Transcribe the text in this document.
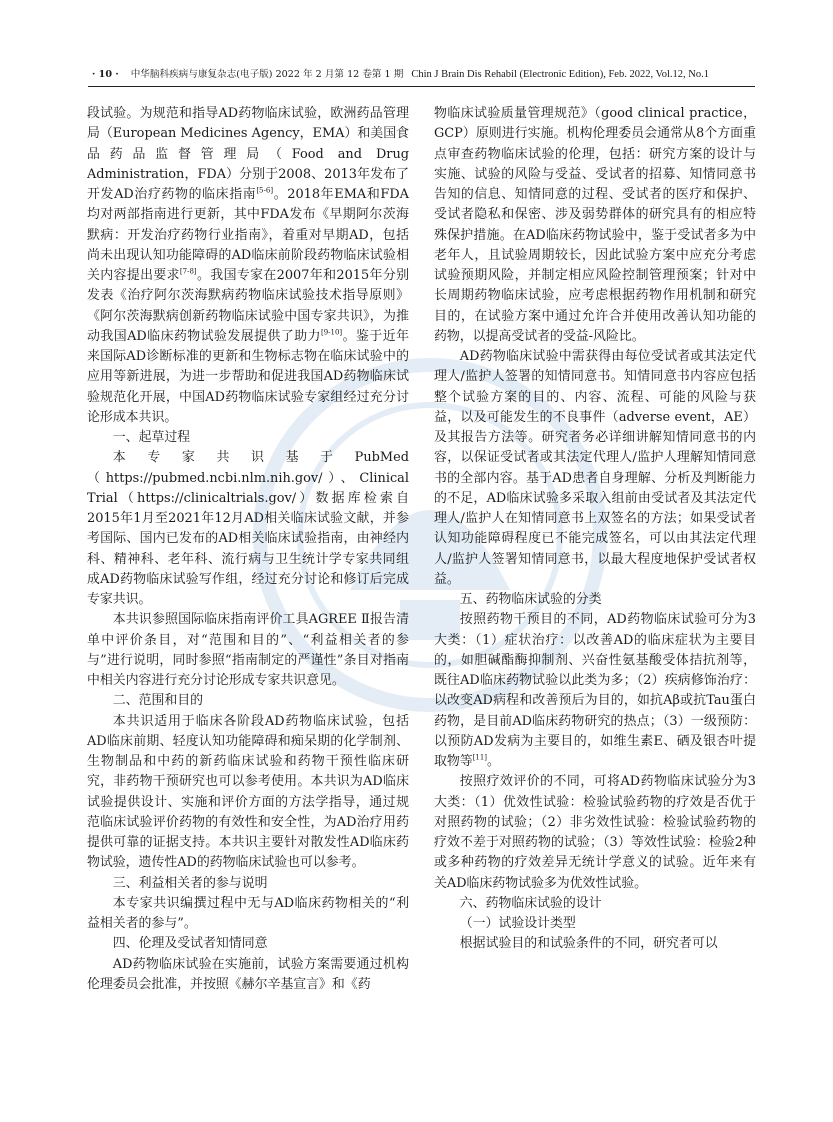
· 10 · 中华脑科疾病与康复杂志(电子版) 2022 年 2 月第 12 卷第 1 期 Chin J Brain Dis Rehabil (Electronic Edition), Feb. 2022, Vol.12, No.1

段试验。为规范和指导AD药物临床试验，欧洲药品管理局（European Medicines Agency，EMA）和美国食品药品监督管理局（Food and Drug Administration，FDA）分别于2008、2013年发布了开发AD治疗药物的临床指南[5-6]。2018年EMA和FDA均对两部指南进行更新，其中FDA发布《早期阿尔茨海默病：开发治疗药物行业指南》，着重对早期AD，包括尚未出现认知功能障碍的AD临床前阶段药物临床试验相关内容提出要求[7-8]。我国专家在2007年和2015年分别发表《治疗阿尔茨海默病药物临床试验技术指导原则》《阿尔茨海默病创新药物临床试验中国专家共识》，为推动我国AD临床药物试验发展提供了助力[9-10]。鉴于近年来国际AD诊断标准的更新和生物标志物在临床试验中的应用等新进展，为进一步帮助和促进我国AD药物临床试验规范化开展，中国AD药物临床试验专家组经过充分讨论形成本共识。

一、起草过程

本专家共识基于PubMed（https://pubmed.ncbi.nlm.nih.gov/）、Clinical Trial（https://clinicaltrials.gov/）数据库检索自2015年1月至2021年12月AD相关临床试验文献，并参考国际、国内已发布的AD相关临床试验指南，由神经内科、精神科、老年科、流行病与卫生统计学专家共同组成AD药物临床试验写作组，经过充分讨论和修订后完成专家共识。

本共识参照国际临床指南评价工具AGREE Ⅱ报告清单中评价条目，对“范围和目的”、“利益相关者的参与”进行说明，同时参照“指南制定的严谨性”条目对指南中相关内容进行充分讨论形成专家共识意见。

二、范围和目的

本共识适用于临床各阶段AD药物临床试验，包括AD临床前期、轻度认知功能障碍和痴呆期的化学制剂、生物制品和中药的新药临床试验和药物干预性临床研究，非药物干预研究也可以参考使用。本共识为AD临床试验提供设计、实施和评价方面的方法学指导，通过规范临床试验评价药物的有效性和安全性，为AD治疗用药提供可靠的证据支持。本共识主要针对散发性AD临床药物试验，遗传性AD的药物临床试验也可以参考。

三、利益相关者的参与说明

本专家共识编撰过程中无与AD临床药物相关的“利益相关者的参与”。

四、伦理及受试者知情同意

AD药物临床试验在实施前，试验方案需要通过机构伦理委员会批准，并按照《赫尔辛基宣言》和《药

物临床试验质量管理规范》（good clinical practice，GCP）原则进行实施。机构伦理委员会通常从8个方面重点审查药物临床试验的伦理，包括：研究方案的设计与实施、试验的风险与受益、受试者的招募、知情同意书告知的信息、知情同意的过程、受试者的医疗和保护、受试者隐私和保密、涉及弱势群体的研究具有的相应特殊保护措施。在AD临床药物试验中，鉴于受试者多为中老年人，且试验周期较长，因此试验方案中应充分考虑试验预期风险，并制定相应风险控制管理预案；针对中长周期药物临床试验，应考虑根据药物作用机制和研究目的，在试验方案中通过允许合并使用改善认知功能的药物，以提高受试者的受益-风险比。

AD药物临床试验中需获得由每位受试者或其法定代理人/监护人签署的知情同意书。知情同意书内容应包括整个试验方案的目的、内容、流程、可能的风险与获益，以及可能发生的不良事件（adverse event，AE）及其报告方法等。研究者务必详细讲解知情同意书的内容，以保证受试者或其法定代理人/监护人理解知情同意书的全部内容。基于AD患者自身理解、分析及判断能力的不足，AD临床试验多采取入组前由受试者及其法定代理人/监护人在知情同意书上双签名的方法；如果受试者认知功能障碍程度已不能完成签名，可以由其法定代理人/监护人签署知情同意书，以最大程度地保护受试者权益。

五、药物临床试验的分类

按照药物干预目的不同，AD药物临床试验可分为3大类：（1）症状治疗：以改善AD的临床症状为主要目的，如胆碱酯酶抑制剂、兴奋性氨基酸受体拮抗剂等，既往AD临床药物试验以此类为多；（2）疾病修饰治疗：以改变AD病程和改善预后为目的，如抗Aβ或抗Tau蛋白药物，是目前AD临床药物研究的热点；（3）一级预防：以预防AD发病为主要目的，如维生素E、硒及银杏叶提取物等[11]。

按照疗效评价的不同，可将AD药物临床试验分为3大类：（1）优效性试验：检验试验药物的疗效是否优于对照药物的试验；（2）非劣效性试验：检验试验药物的疗效不差于对照药物的试验；（3）等效性试验：检验2种或多种药物的疗效差异无统计学意义的试验。近年来有关AD临床药物试验多为优效性试验。

六、药物临床试验的设计

（一）试验设计类型

根据试验目的和试验条件的不同，研究者可以
